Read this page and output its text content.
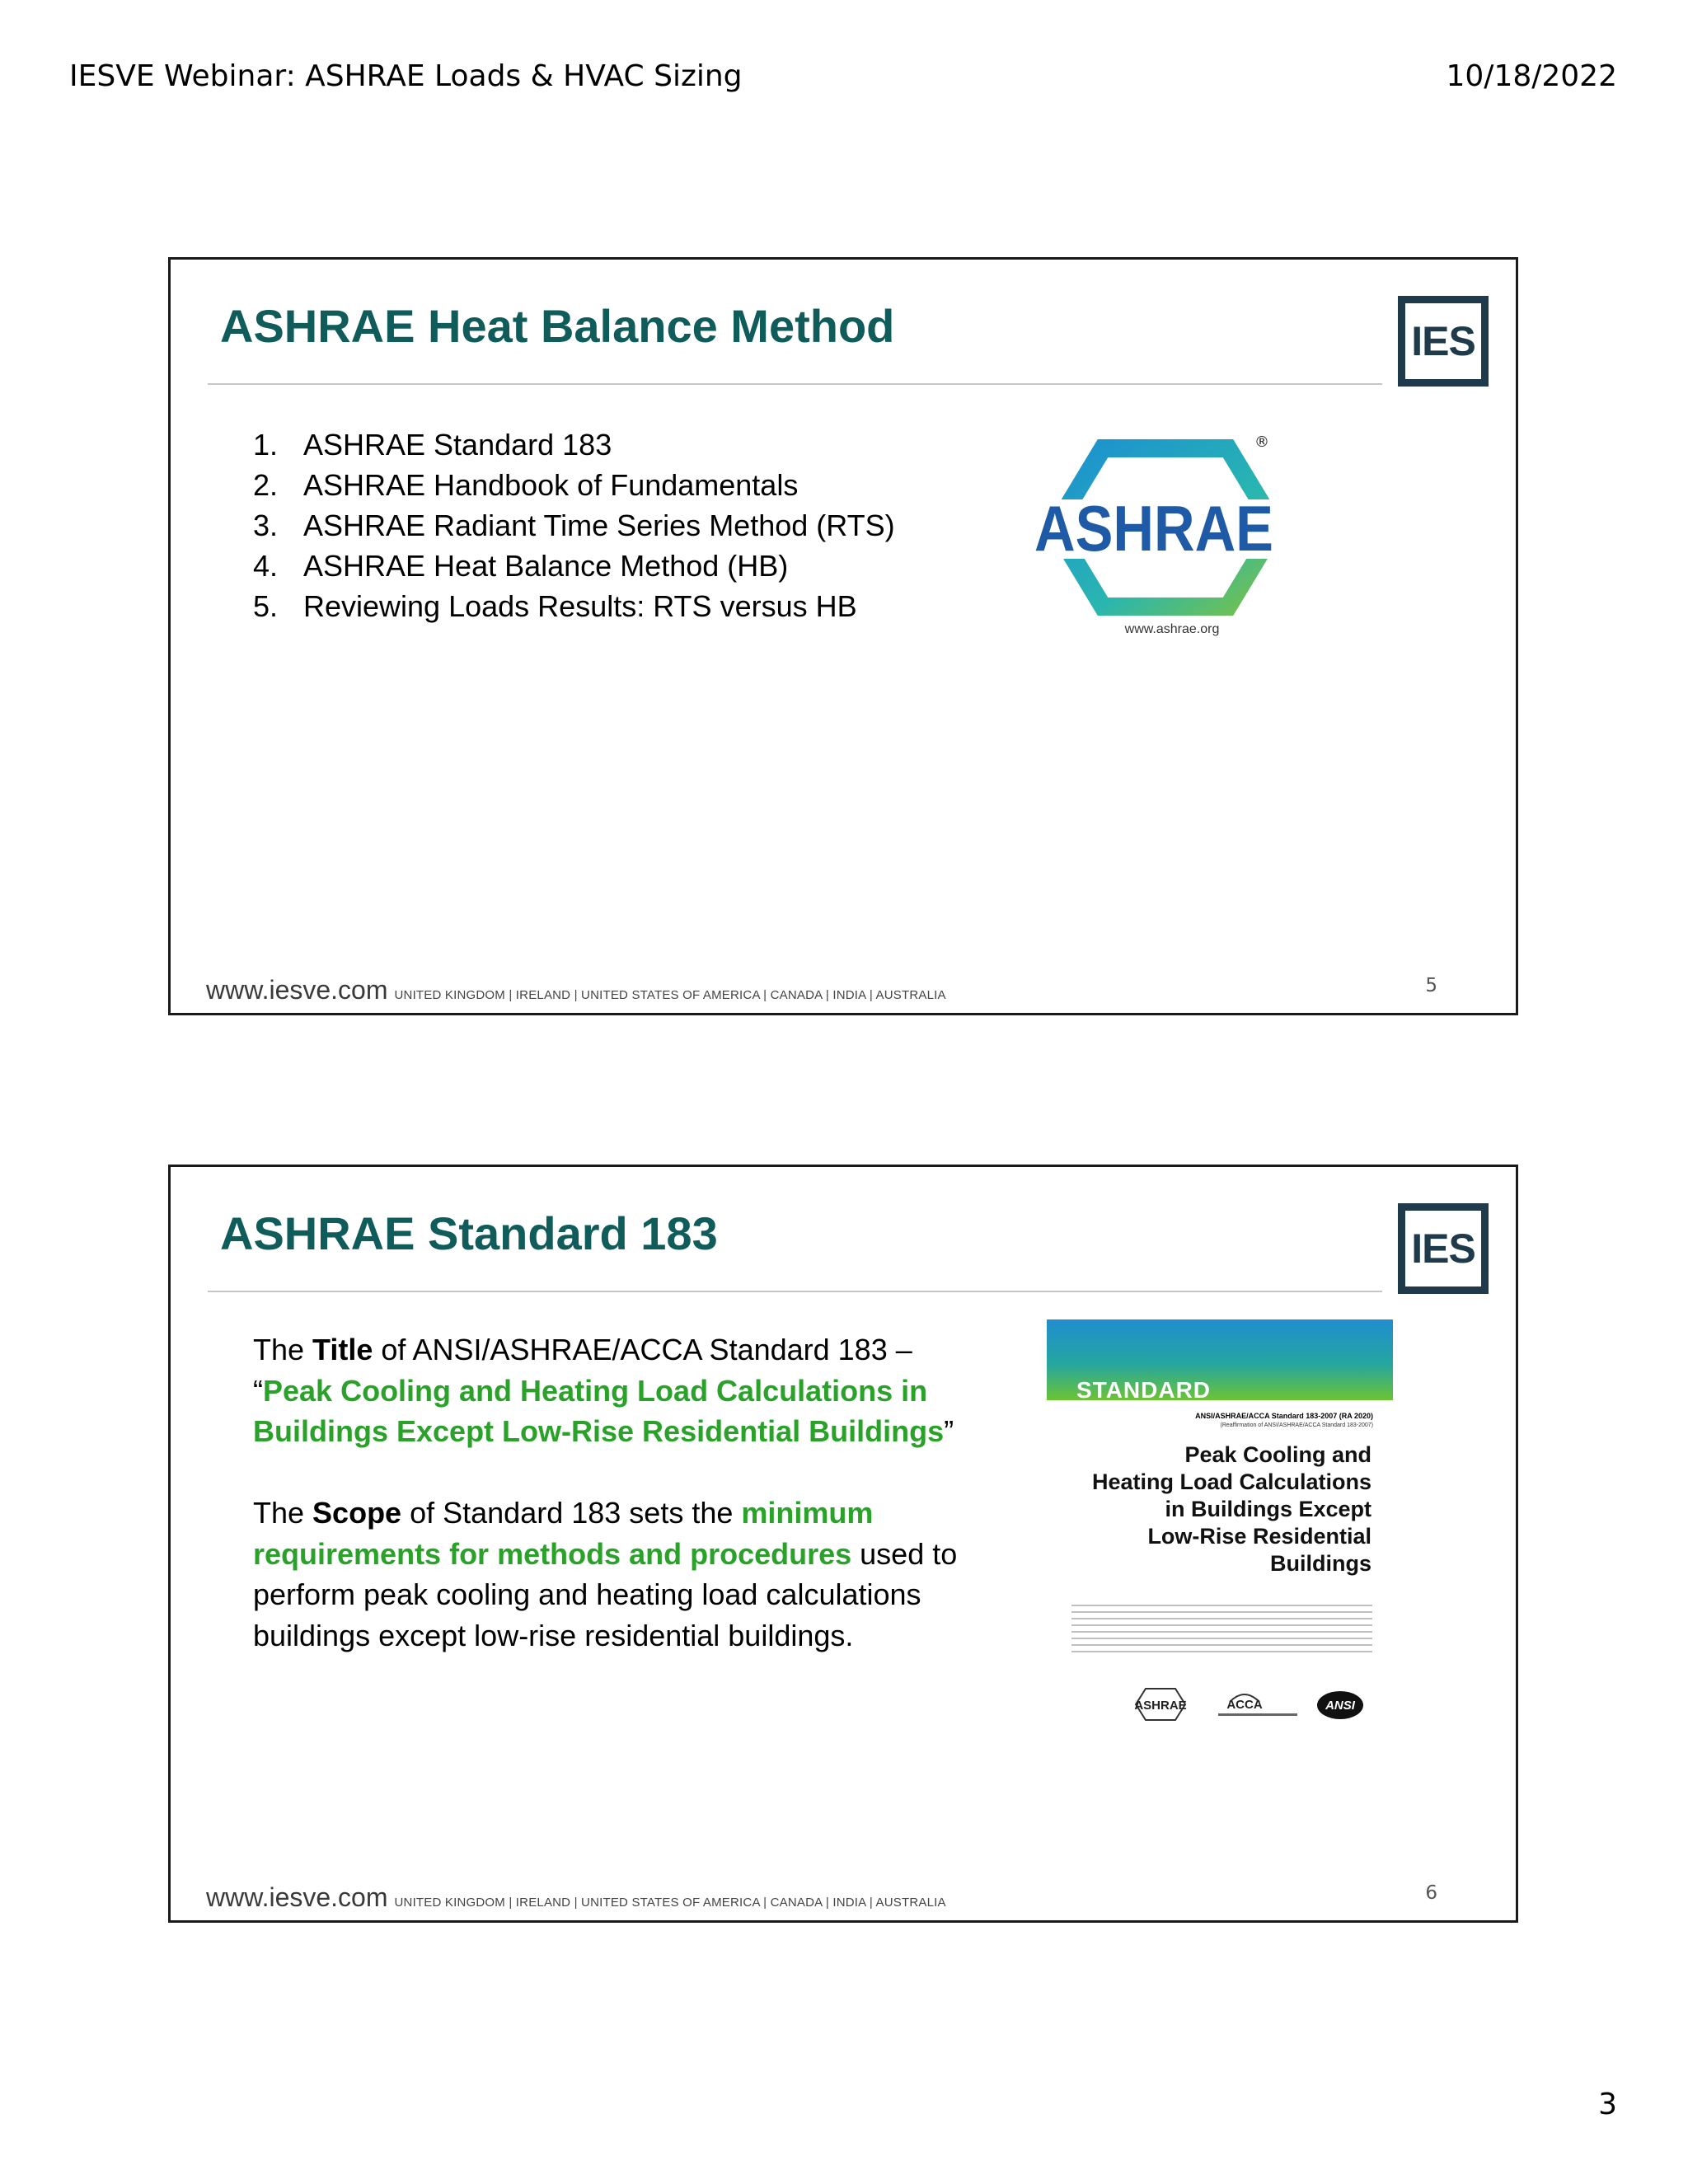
IESVE Webinar: ASHRAE Loads & HVAC Sizing	10/18/2022
ASHRAE Heat Balance Method	IES
1. ASHRAE Standard 183
2. ASHRAE Handbook of Fundamentals
3. ASHRAE Radiant Time Series Method (RTS)
4. ASHRAE Heat Balance Method (HB)
5. Reviewing Loads Results: RTS versus HB
ASHRAE
®
www.ashrae.org
www.iesve.com UNITED KINGDOM | IRELAND | UNITED STATES OF AMERICA | CANADA | INDIA | AUSTRALIA	5
ASHRAE Standard 183	IES

The Title of ANSI/ASHRAE/ACCA Standard 183 –
“Peak Cooling and Heating Load Calculations in Buildings Except Low-Rise Residential Buildings”

The Scope of Standard 183 sets the minimum requirements for methods and procedures used to perform peak cooling and heating load calculations buildings except low-rise residential buildings.

STANDARD
ANSI/ASHRAE/ACCA Standard 183-2007 (RA 2020)
(Reaffirmation of ANSI/ASHRAE/ACCA Standard 183-2007)
Peak Cooling and
Heating Load Calculations
in Buildings Except
Low-Rise Residential
Buildings
ASHRAE	ACCA	ANSI
www.iesve.com UNITED KINGDOM | IRELAND | UNITED STATES OF AMERICA | CANADA | INDIA | AUSTRALIA	6
3
